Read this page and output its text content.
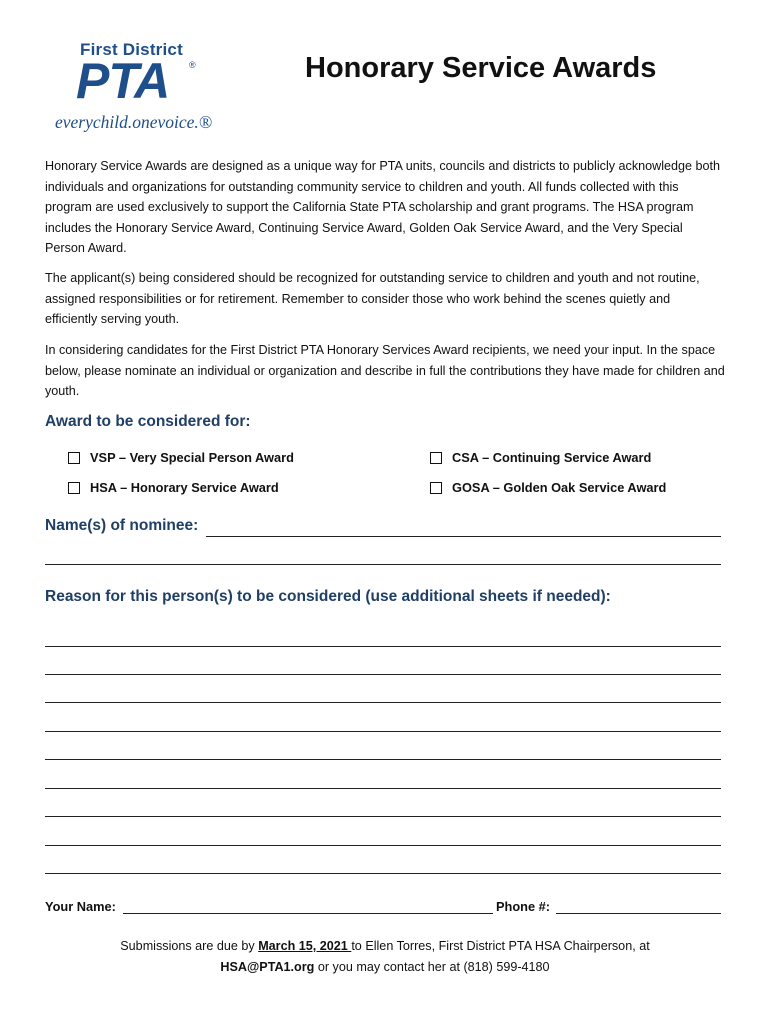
First District
PTA ®
everychild.onevoice.®
Honorary Service Awards

Honorary Service Awards are designed as a unique way for PTA units, councils and districts to publicly acknowledge both individuals and organizations for outstanding community service to children and youth. All funds collected with this program are used exclusively to support the California State PTA scholarship and grant programs. The HSA program includes the Honorary Service Award, Continuing Service Award, Golden Oak Service Award, and the Very Special Person Award.

The applicant(s) being considered should be recognized for outstanding service to children and youth and not routine, assigned responsibilities or for retirement. Remember to consider those who work behind the scenes quietly and efficiently serving youth.

In considering candidates for the First District PTA Honorary Services Award recipients, we need your input. In the space below, please nominate an individual or organization and describe in full the contributions they have made for children and youth.

Award to be considered for:

VSP – Very Special Person Award	CSA – Continuing Service Award
HSA – Honorary Service Award	GOSA – Golden Oak Service Award

Name(s) of nominee:

Reason for this person(s) to be considered (use additional sheets if needed):

Your Name:	Phone #:
Submissions are due by March 15, 2021 to Ellen Torres, First District PTA HSA Chairperson, at
HSA@PTA1.org or you may contact her at (818) 599-4180
